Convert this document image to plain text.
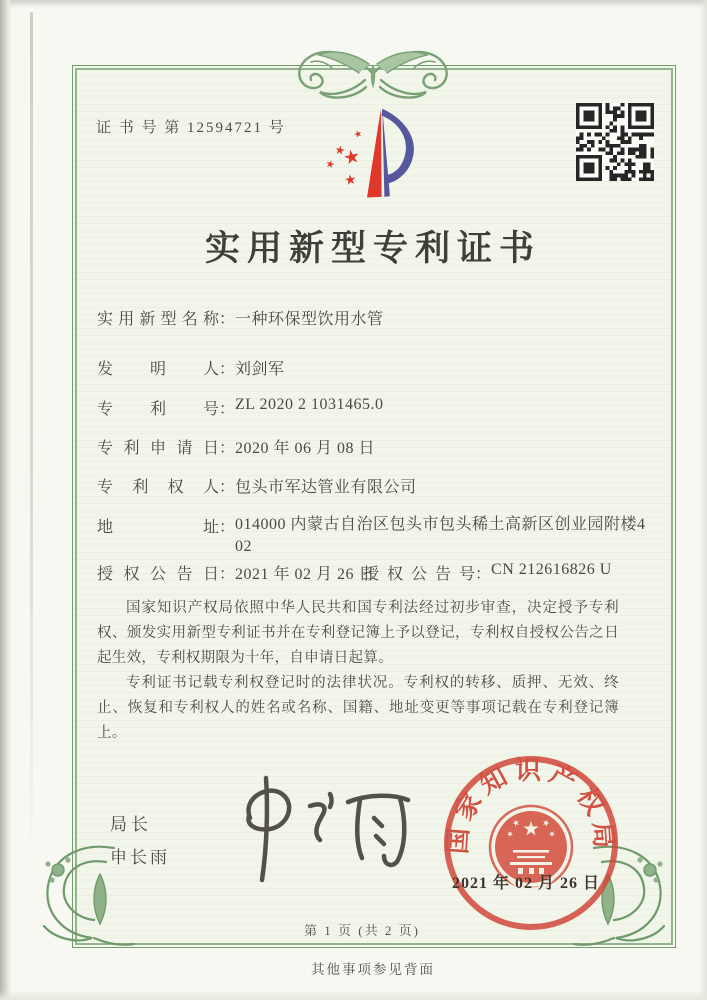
证 书 号 第 12594721 号
实用新型专利证书
实用新型名称：一种环保型饮用水管
发明人：刘剑军
专利号：ZL 2020 2 1031465.0
专利申请日：2020 年 06 月 08 日
专利权人：包头市军达管业有限公司
地址： 014000 内蒙古自治区包头市包头稀土高新区创业园附楼4
02
授权公告日：2021 年 02 月 26 日
授权公告号：CN 212616826 U

国家知识产权局依照中华人民共和国专利法经过初步审查，决定授予专利权、颁发实用新型专利证书并在专利登记簿上予以登记，专利权自授权公告之日起生效，专利权期限为十年，自申请日起算。

专利证书记载专利权登记时的法律状况。专利权的转移、质押、无效、终止、恢复和专利权人的姓名或名称、国籍、地址变更等事项记载在专利登记簿上。

局长
申长雨
国家知识产权局
2021 年 02 月 26 日
第 1 页 (共 2 页)
其他事项参见背面
